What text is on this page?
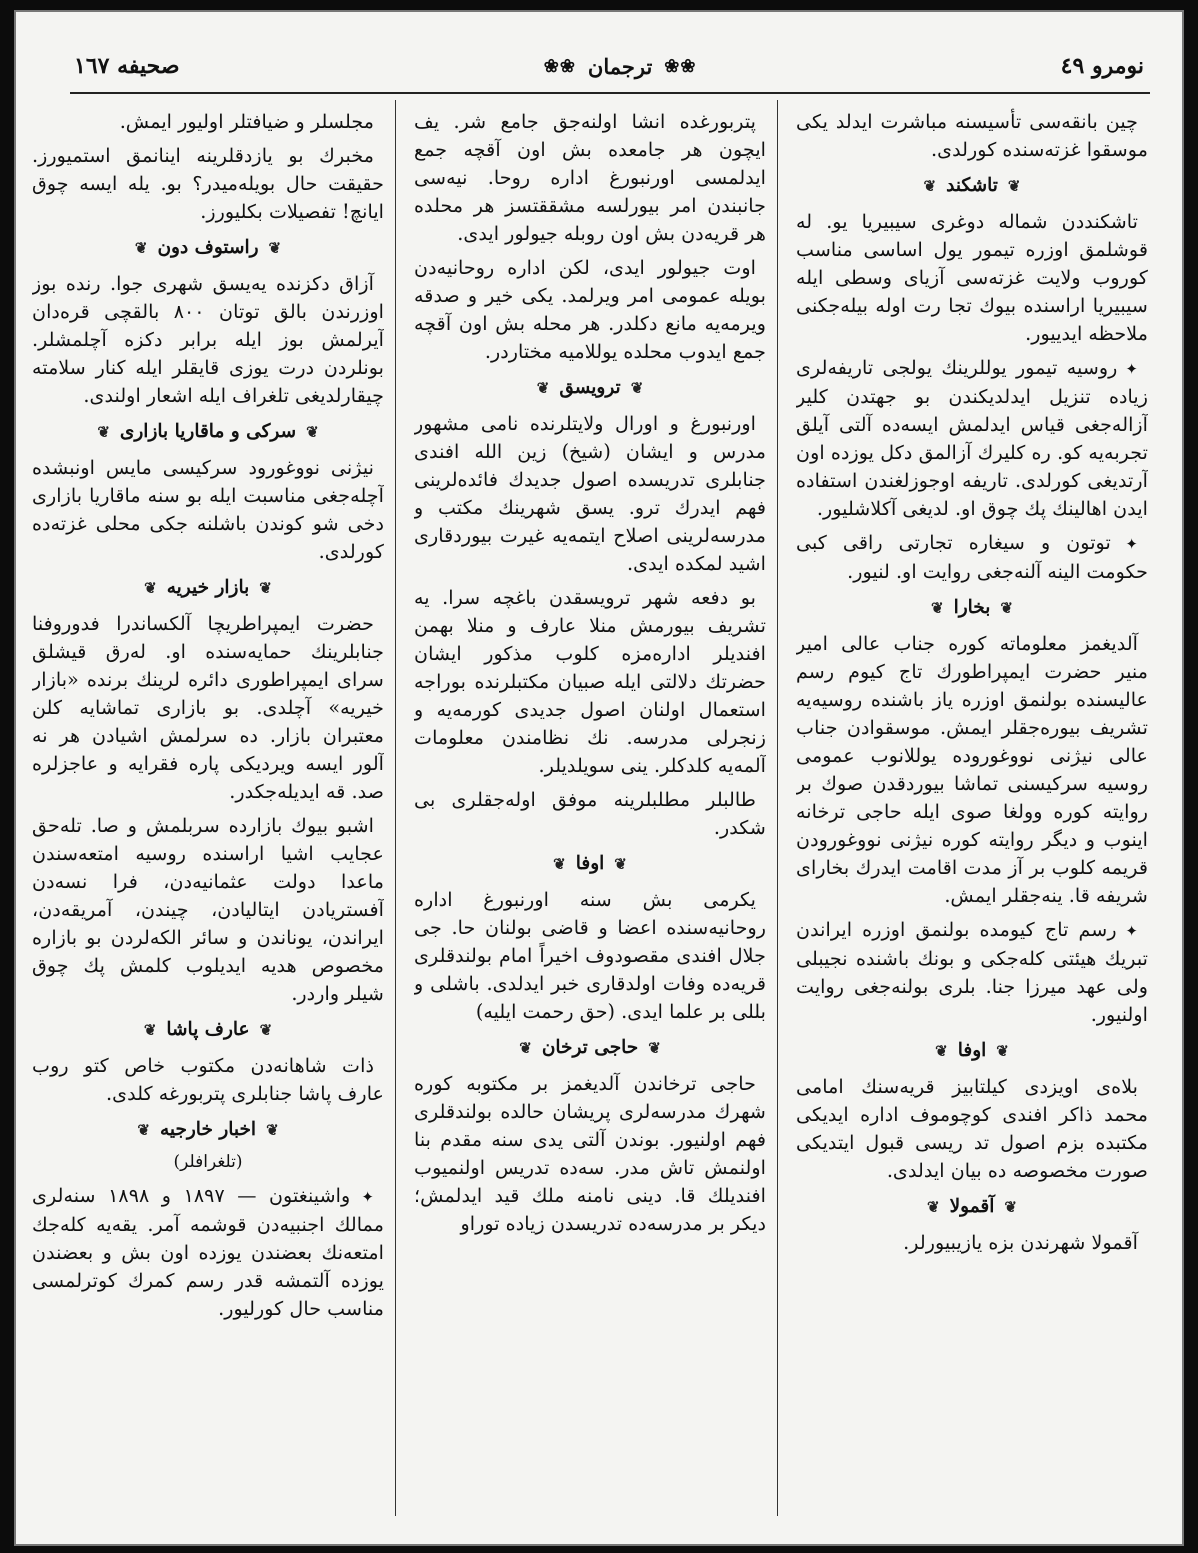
نومرو ٤٩
❀❀
ترجمان
❀❀
صحیفه ١٦٧

چین بانقه‌سی تأسیسنه مباشرت ایدلد یکی موسقوا غزته‌سنده کورلدی.

❦
تاشکند
❦

تاشکنددن شماله دوغری سیبیریا یو. له قوشلمق اوزره تیمور یول اساسی مناسب کوروب ولایت غزته‌سی آزیای وسطی ایله سیبیریا ارا‌سنده بیوك تجا رت اوله بیله‌جکنی ملاحظه ایدییور.

✦ روسیه تیمور یوللرینك یولجی تاریفه‌لری زیاده تنزیل ایدلدیکندن بو جهتدن کلیر آزاله‌جغی قیاس ایدلمش ایسه‌ده آلتی آیلق تجربه‌یه کو. ره کلیرك آزالمق دکل یوزده اون آرتدیغی کورلدی. تاریفه اوجوزلغندن استفاده ایدن اهالینك پك چوق او. لدیغی آکلاشلیور.

✦ توتون و سیغاره تجارتی راقی کبی حکومت الینه آلنه‌جغی روایت او. لنیور.

❦
بخارا
❦

آلدیغمز معلوماته کوره جناب عالی امیر منیر حضرت ایمپراطورك تاج کیوم رسم عالیسنده بولنمق اوزره یاز باشنده روسیه‌یه تشریف بیوره‌جقلر ایمش. موسقوادن جناب عالی نیژنی نووغوروده یوللانوب عمومی روسیه سرکیسنی تماشا بیوردقدن صوك بر روایته کوره وولغا صوی ایله حاجی ترخانه اینوب و دیگر روایته کوره نیژنی نووغورودن قریمه کلوب بر آز مدت اقامت ایدرك بخارای شریفه قا. ینه‌جقلر ایمش.

✦ رسم تاج کیومده بولنمق اوزره ایراندن تبریك هیئتی کله‌جکی و بونك باشنده نجیبلی ولی عهد میرزا جنا. بلری بولنه‌جغی روایت اولنیور.

❦
اوفا
❦

بلاه‌ی اویزدی کیلتابیز قریه‌سنك امامی محمد ذاکر افندی کوچوموف اداره ایدیکی مکتبده بزم اصول تد ریسی قبول ایتدیکی صورت مخصوصه ده بیان ایدلدی.

❦
آقمولا
❦

آقمولا شهرندن بزه یازیبیورلر.

پتربورغده انشا اولنه‌جق جامع شر. یف ایچون هر جامعده بش اون آقچه جمع ایدلمسی اورنبورغ اداره روحا. نیه‌سی جانبندن امر بیورلسه مشققتسز هر محلده هر قریه‌دن بش اون روبله جیولور ایدی.

اوت جیولور ایدی، لکن اداره روحانیه‌دن بویله عمومی امر ویرلمد. یکی خیر و صدقه ویرمه‌یه مانع دکلدر. هر محله بش اون آقچه جمع ایدوب محلده یوللامیه مختاردر.

❦
ترویسق
❦

اورنبورغ و اورال ولایتلرنده نامی مشهور مدرس و ایشان (شیخ) زین الله افندی جنابلری تدریسده اصول جدیدك فائده‌لرینی فهم ایدرك ترو. یسق شهرینك مکتب و مدرسه‌لرینی اصلاح ایتمه‌یه غیرت بیوردقاری اشید لمکده ایدی.

بو دفعه شهر ترویسقدن باغچه سرا. یه تشریف بیورمش منلا عارف و منلا بهمن افندیلر اداره‌مزه کلوب مذکور ایشان حضرتك دلالتی ایله صبیان مکتبلرنده بوراجه استعمال اولنان اصول جدیدی کورمه‌یه و زنجرلی مدرسه. نك نظامندن معلومات آلمه‌یه کلدکلر. ینی سویلدیلر.

طالبلر مطلبلرینه موفق اوله‌جقلری بی شکدر.

❦
اوفا
❦

یکرمی بش سنه اورنبورغ اداره روحانیه‌سنده اعضا و قاضی بولنان حا. جی جلال افندی مقصودوف اخیراً امام بولندقلری قریه‌ده وفات اولدقاری خبر ایدلدی. باشلی و بللی بر علما ایدی. (حق رحمت ایلیه)

❦
حاجی ترخان
❦

حاجی ترخاندن آلدیغمز بر مکتوبه کوره شهرك مدرسه‌لری پریشان حالده بولندقلری فهم اولنیور. بوندن آلتی یدی سنه مقدم بنا اولنمش تاش مدر. سه‌ده تدریس اولنمیوب افندیلك قا. دینی نامنه ملك قید ایدلمش؛ دیکر بر مدرسه‌ده تدریسدن زیاده توراو

مجلسلر و ضیافتلر اولیور ایمش.

مخبرك بو یازدقلرینه اینانمق استمیورز. حقیقت حال بویله‌میدر؟ بو. یله ایسه چوق ایانچ! تفصیلات بکلیورز.

❦
راستوف دون
❦

آزاق دکزنده یه‌یسق شهری جوا. رنده بوز اوزرندن بالق توتان ٨٠٠ بالقچی قره‌دان آیرلمش بوز ایله برابر دکزه آچلمشلر. بونلردن درت یوزی قایقلر ایله کنار سلامته چیقارلدیغی تلغراف ایله اشعار اولندی.

❦
سرکی و ماقاریا بازاری
❦

نیژنی نووغورود سرکیسی مایس اونبشده آچله‌جغی مناسبت ایله بو سنه ماقاریا بازاری دخی شو کوندن باشلنه جکی محلی غزته‌ده کورلدی.

❦
بازار خیریه
❦

حضرت ایمپراطریچا آلکساندرا فدوروفنا جنابلرینك حمایه‌سنده او. له‌رق قیشلق سرای ایمپراطوری دائره لرینك برنده «بازار خیریه» آچلدی. بو بازاری تماشایه کلن معتبران بازار. ده سرلمش اشیادن هر نه آلور ایسه ویردیکی پاره فقرایه و عاجزلره صد. قه ایدیله‌جکدر.

اشبو بیوك بازارده سربلمش و صا. تله‌حق عجایب اشیا ارا‌سنده روسیه امتعه‌سندن ماعدا دولت عثمانیه‌دن، فرا نسه‌دن آفستریادن ایتالیادن، چیندن، آمریقه‌دن، ایراندن، یوناندن و سائر الکه‌لردن بو بازاره مخصوص هدیه ایدیلوب کلمش پك چوق شیلر واردر.

❦
عارف پاشا
❦

ذات شاهانه‌دن مکتوب خاص کتو روب عارف پاشا جنابلری پتربورغه کلدی.

❦
اخبار خارجیه
❦
(تلغرافلر)

✦ واشینغتون — ١٨٩٧ و ١٨٩٨ سنه‌لری ممالك اجنبیه‌دن قوشمه آمر. یقه‌یه کله‌جك امتعه‌نك بعضندن یوزده اون بش و بعضندن یوزده آلتمشه قدر رسم کمرك کوترلمسی مناسب حال کورلیور.
